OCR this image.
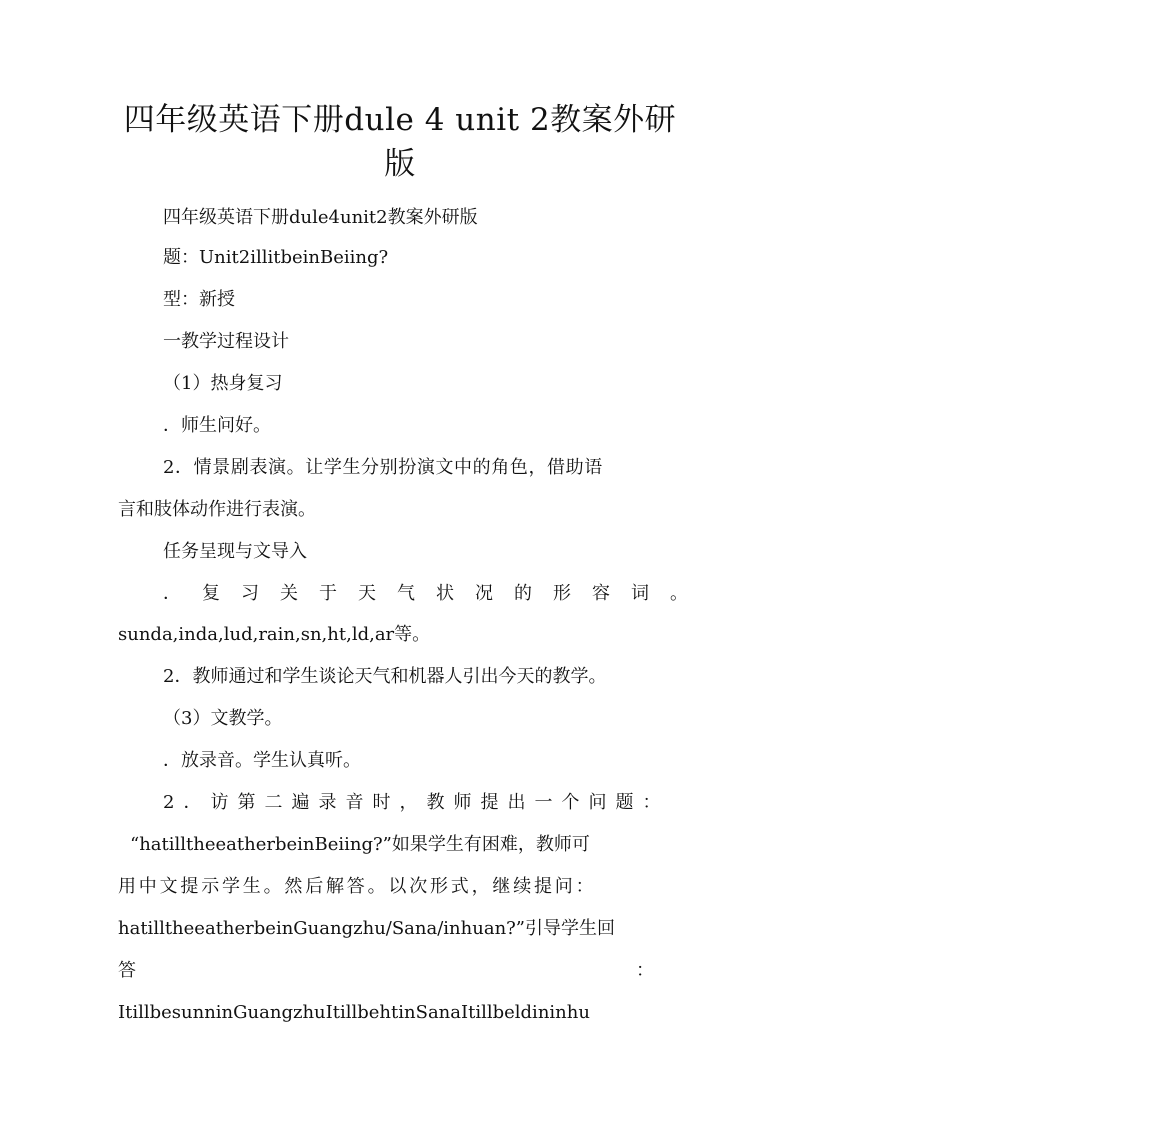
四年级英语下册dule 4 unit 2教案外研
版
四年级英语下册dule4unit2教案外研版
题：Unit2illitbeinBeiing?
型：新授
一教学过程设计
（1）热身复习
．师生问好。
2．情景剧表演。让学生分别扮演文中的角色，借助语
言和肢体动作进行表演。
任务呈现与文导入
．复习关于天气状况的形容词。
sunda,inda,lud,rain,sn,ht,ld,ar等。
2．教师通过和学生谈论天气和机器人引出今天的教学。
（3）文教学。
．放录音。学生认真听。
2．访第二遍录音时，教师提出一个问题：
“hatilltheeatherbeinBeiing?”如果学生有困难，教师可
用中文提示学生。然后解答。以次形式，继续提问：
hatilltheeatherbeinGuangzhu/Sana/inhuan?”引导学生回
答：
ItillbesunninGuangzhuItillbehtinSanaItillbeldininhu
